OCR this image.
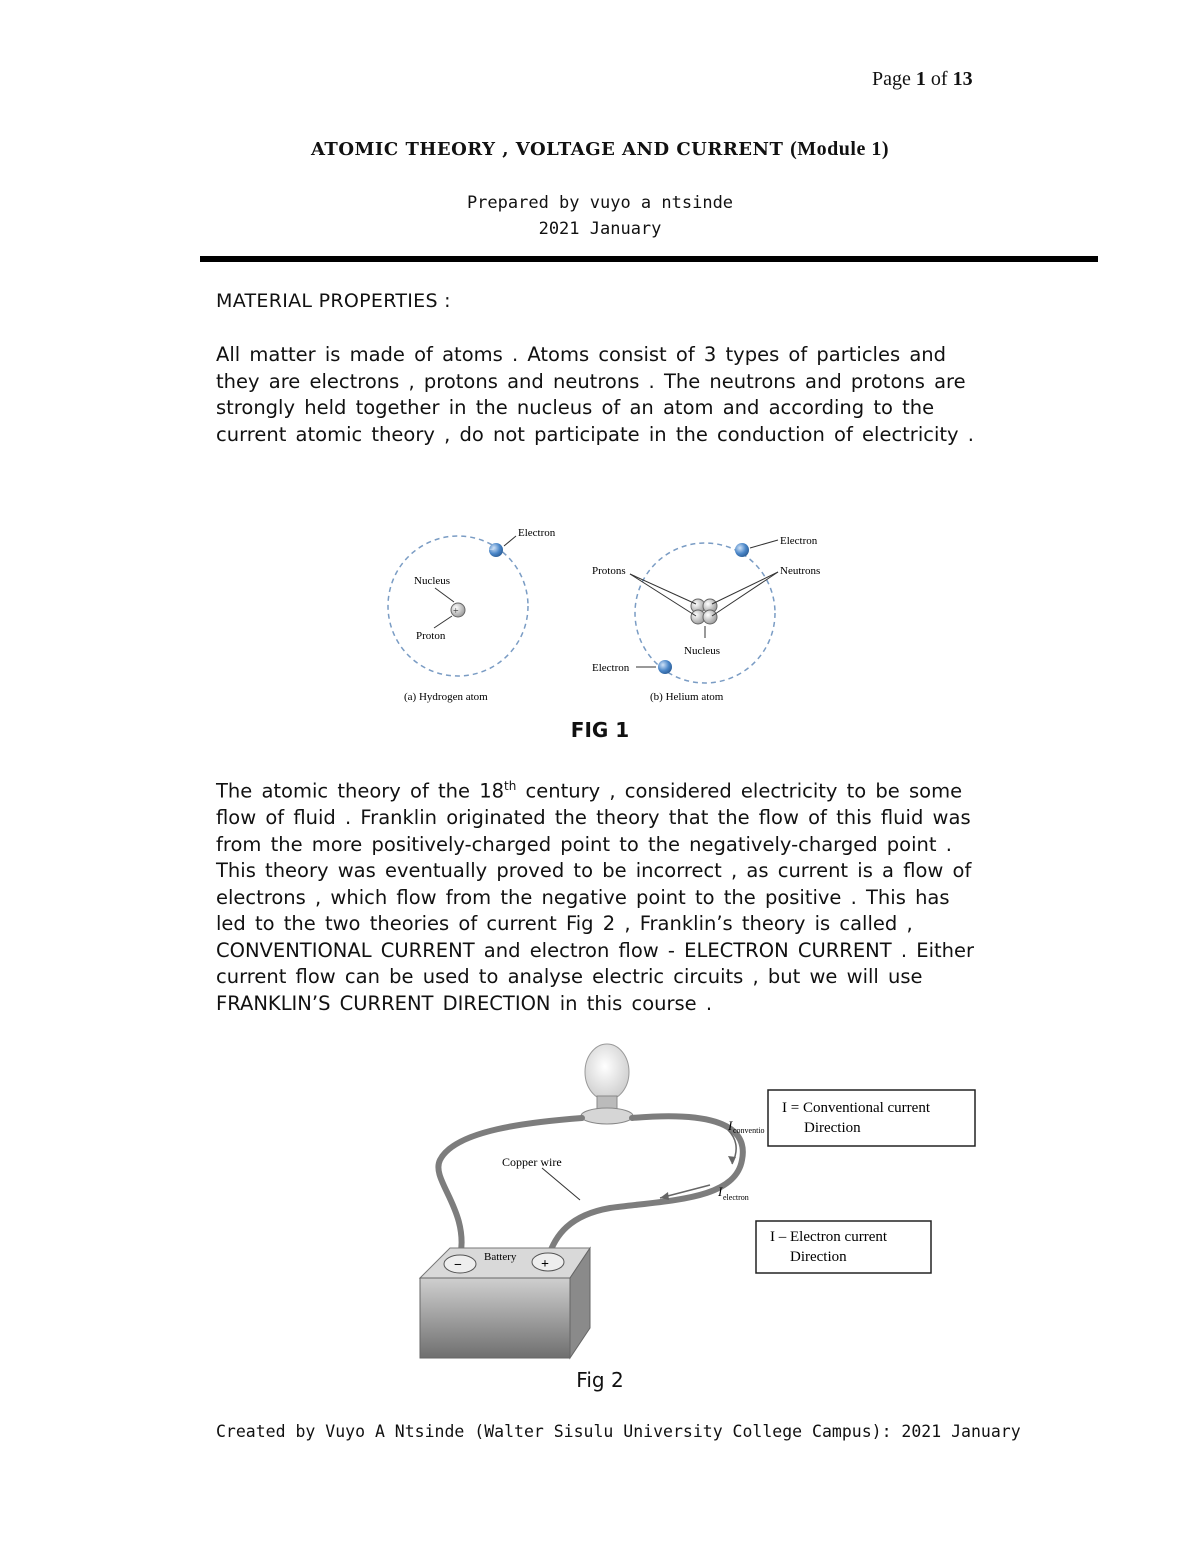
Page 1 of 13
ATOMIC THEORY , VOLTAGE AND CURRENT (Module 1)
Prepared by vuyo a ntsinde
2021 January
MATERIAL PROPERTIES :

All matter is made of atoms . Atoms consist of 3 types of particles and they are electrons , protons and neutrons . The neutrons and protons are strongly held together in the nucleus of an atom and according to the current atomic theory , do not participate in the conduction of electricity .

−
+
Electron
Nucleus
Proton
(a) Hydrogen atom
Electron
Protons	Neutrons
Nucleus
Electron
(b) Helium atom
FIG 1

The atomic theory of the 18th century , considered electricity to be some flow of fluid . Franklin originated the theory that the flow of this fluid was from the more positively-charged point to the negatively-charged point . This theory was eventually proved to be incorrect , as current is a flow of electrons , which flow from the negative point to the positive . This has led to the two theories of current Fig 2 , Franklin’s theory is called , CONVENTIONAL CURRENT and electron flow - ELECTRON CURRENT . Either current flow can be used to analyse electric circuits , but we will use FRANKLIN’S CURRENT DIRECTION in this course .

Copper wire
I conventio
I electron
−	+
Battery
I = Conventional current
Direction
I – Electron current
Direction
Fig 2
Created by Vuyo A Ntsinde (Walter Sisulu University College Campus): 2021 January
